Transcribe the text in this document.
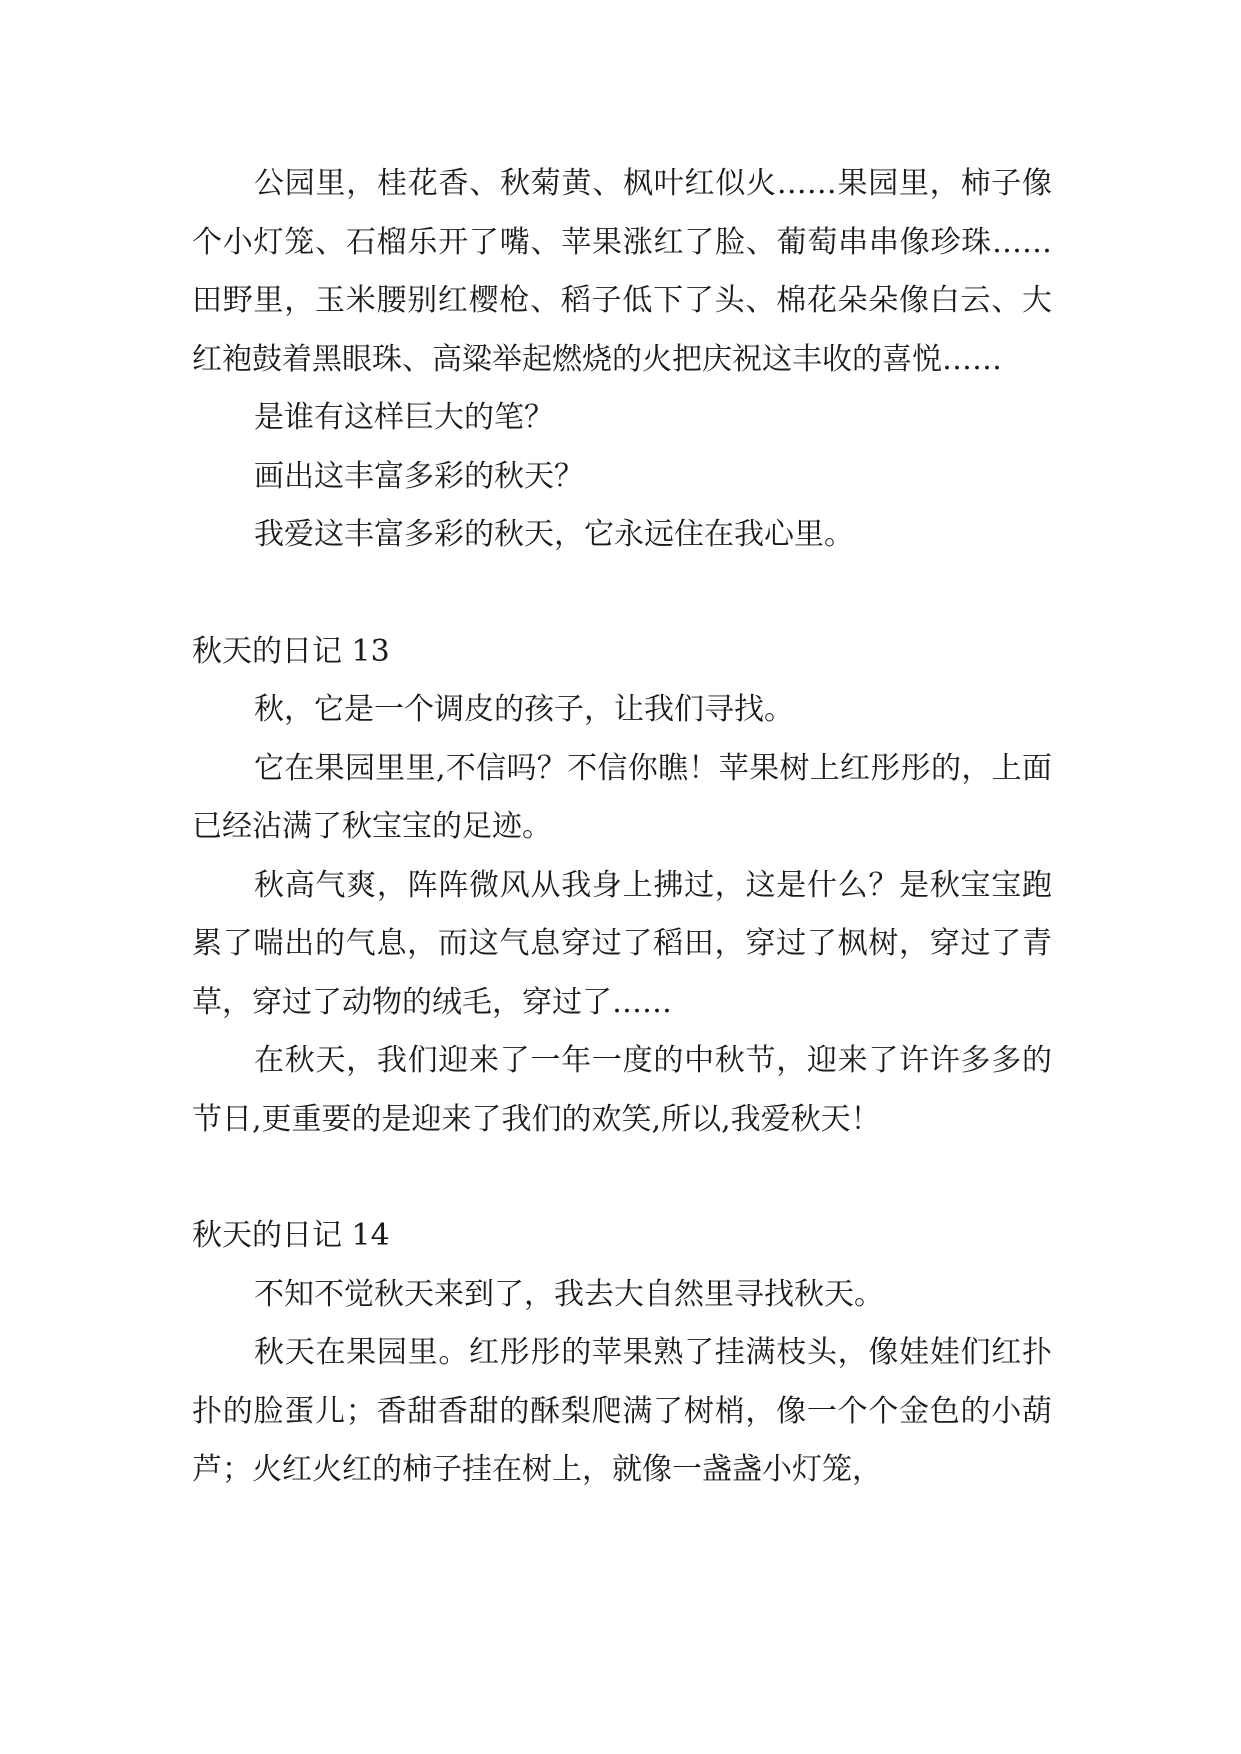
公园里，桂花香、秋菊黄、枫叶红似火……果园里，柿子像个小灯笼、石榴乐开了嘴、苹果涨红了脸、葡萄串串像珍珠……田野里，玉米腰别红樱枪、稻子低下了头、棉花朵朵像白云、大红袍鼓着黑眼珠、高粱举起燃烧的火把庆祝这丰收的喜悦……

是谁有这样巨大的笔？

画出这丰富多彩的秋天？

我爱这丰富多彩的秋天，它永远住在我心里。

秋天的日记 13

秋，它是一个调皮的孩子，让我们寻找。

它在果园里里,不信吗？不信你瞧！苹果树上红彤彤的，上面已经沾满了秋宝宝的足迹。

秋高气爽，阵阵微风从我身上拂过，这是什么？是秋宝宝跑累了喘出的气息，而这气息穿过了稻田，穿过了枫树，穿过了青草，穿过了动物的绒毛，穿过了……

在秋天，我们迎来了一年一度的中秋节，迎来了许许多多的节日,更重要的是迎来了我们的欢笑,所以,我爱秋天！

秋天的日记 14

不知不觉秋天来到了，我去大自然里寻找秋天。

秋天在果园里。红彤彤的苹果熟了挂满枝头，像娃娃们红扑扑的脸蛋儿；香甜香甜的酥梨爬满了树梢，像一个个金色的小葫芦；火红火红的柿子挂在树上，就像一盏盏小灯笼，
